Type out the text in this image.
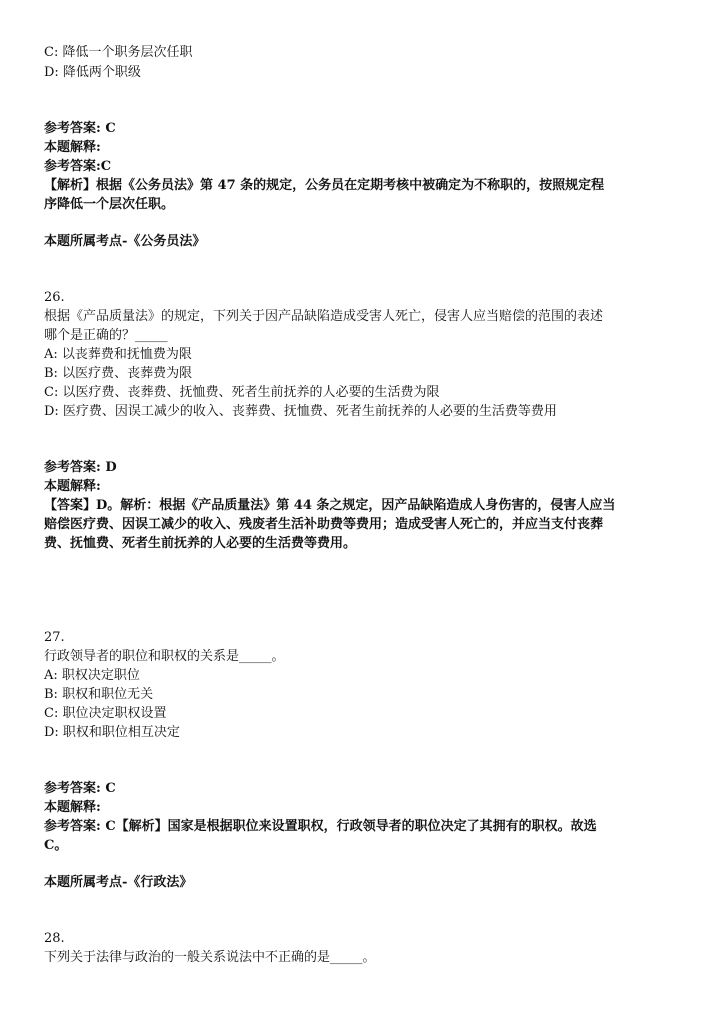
C: 降低一个职务层次任职
D: 降低两个职级
参考答案: C
本题解释:
参考答案:C
【解析】根据《公务员法》第 47 条的规定，公务员在定期考核中被确定为不称职的，按照规定程
序降低一个层次任职。
本题所属考点-《公务员法》
26.
根据《产品质量法》的规定，下列关于因产品缺陷造成受害人死亡，侵害人应当赔偿的范围的表述
哪个是正确的？_____
A: 以丧葬费和抚恤费为限
B: 以医疗费、丧葬费为限
C: 以医疗费、丧葬费、抚恤费、死者生前抚养的人必要的生活费为限
D: 医疗费、因误工减少的收入、丧葬费、抚恤费、死者生前抚养的人必要的生活费等费用
参考答案: D
本题解释:
【答案】D。解析：根据《产品质量法》第 44 条之规定，因产品缺陷造成人身伤害的，侵害人应当
赔偿医疗费、因误工减少的收入、残废者生活补助费等费用；造成受害人死亡的，并应当支付丧葬
费、抚恤费、死者生前抚养的人必要的生活费等费用。
27.
行政领导者的职位和职权的关系是_____。
A: 职权决定职位
B: 职权和职位无关
C: 职位决定职权设置
D: 职权和职位相互决定
参考答案: C
本题解释:
参考答案: C【解析】国家是根据职位来设置职权，行政领导者的职位决定了其拥有的职权。故选
C。
本题所属考点-《行政法》
28.
下列关于法律与政治的一般关系说法中不正确的是_____。
